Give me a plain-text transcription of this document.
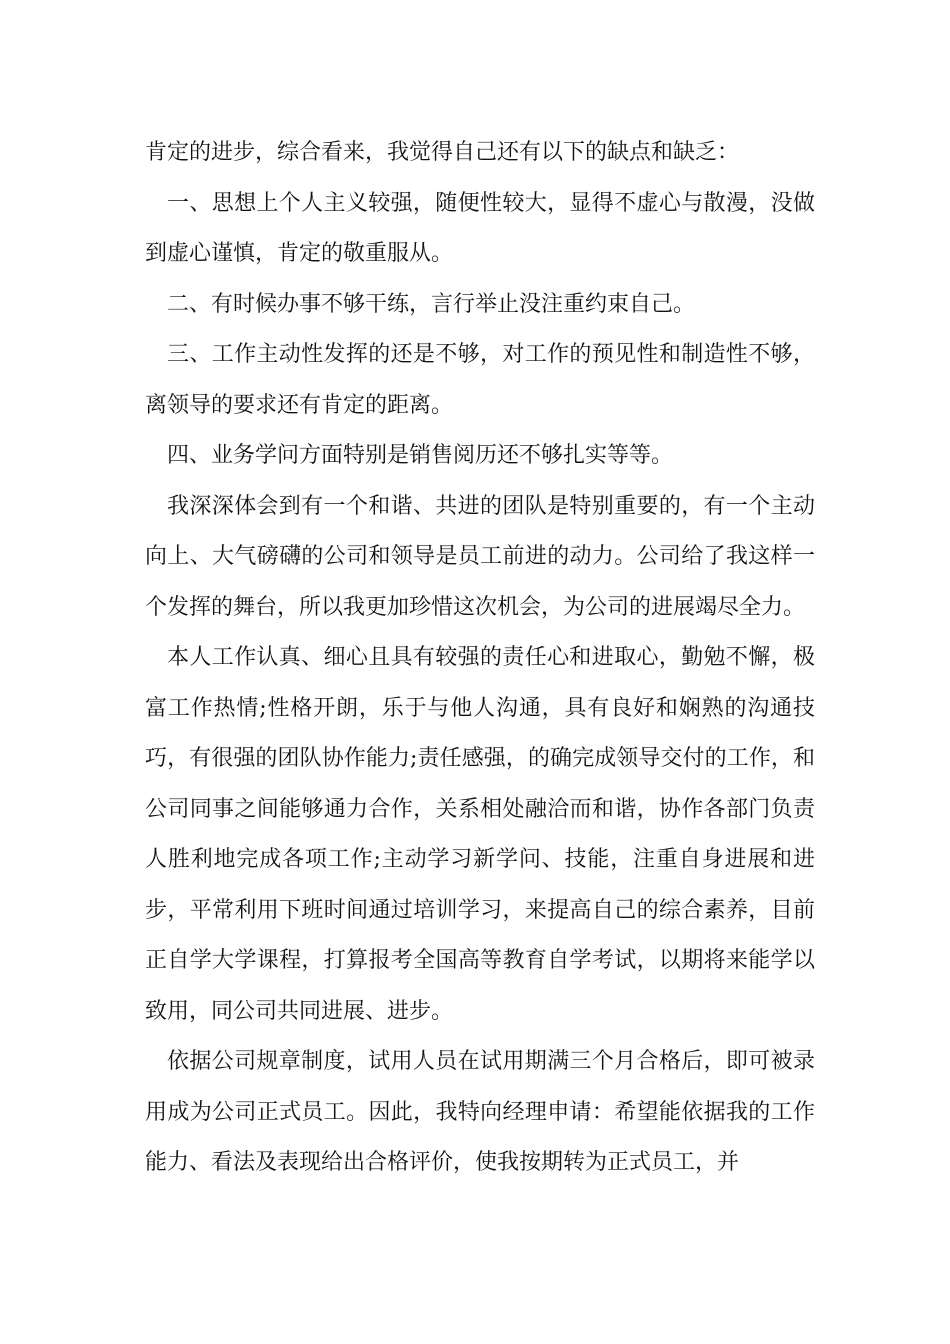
肯定的进步，综合看来，我觉得自己还有以下的缺点和缺乏：

一、思想上个人主义较强，随便性较大，显得不虚心与散漫，没做到虚心谨慎，肯定的敬重服从。

二、有时候办事不够干练，言行举止没注重约束自己。

三、工作主动性发挥的还是不够，对工作的预见性和制造性不够，离领导的要求还有肯定的距离。

四、业务学问方面特别是销售阅历还不够扎实等等。

我深深体会到有一个和谐、共进的团队是特别重要的，有一个主动向上、大气磅礴的公司和领导是员工前进的动力。公司给了我这样一个发挥的舞台，所以我更加珍惜这次机会，为公司的进展竭尽全力。

本人工作认真、细心且具有较强的责任心和进取心，勤勉不懈，极富工作热情;性格开朗，乐于与他人沟通，具有良好和娴熟的沟通技巧，有很强的团队协作能力;责任感强，的确完成领导交付的工作，和公司同事之间能够通力合作，关系相处融洽而和谐，协作各部门负责人胜利地完成各项工作;主动学习新学问、技能，注重自身进展和进步，平常利用下班时间通过培训学习，来提高自己的综合素养，目前正自学大学课程，打算报考全国高等教育自学考试，以期将来能学以致用，同公司共同进展、进步。

依据公司规章制度，试用人员在试用期满三个月合格后，即可被录用成为公司正式员工。因此，我特向经理申请：希望能依据我的工作能力、看法及表现给出合格评价，使我按期转为正式员工，并
